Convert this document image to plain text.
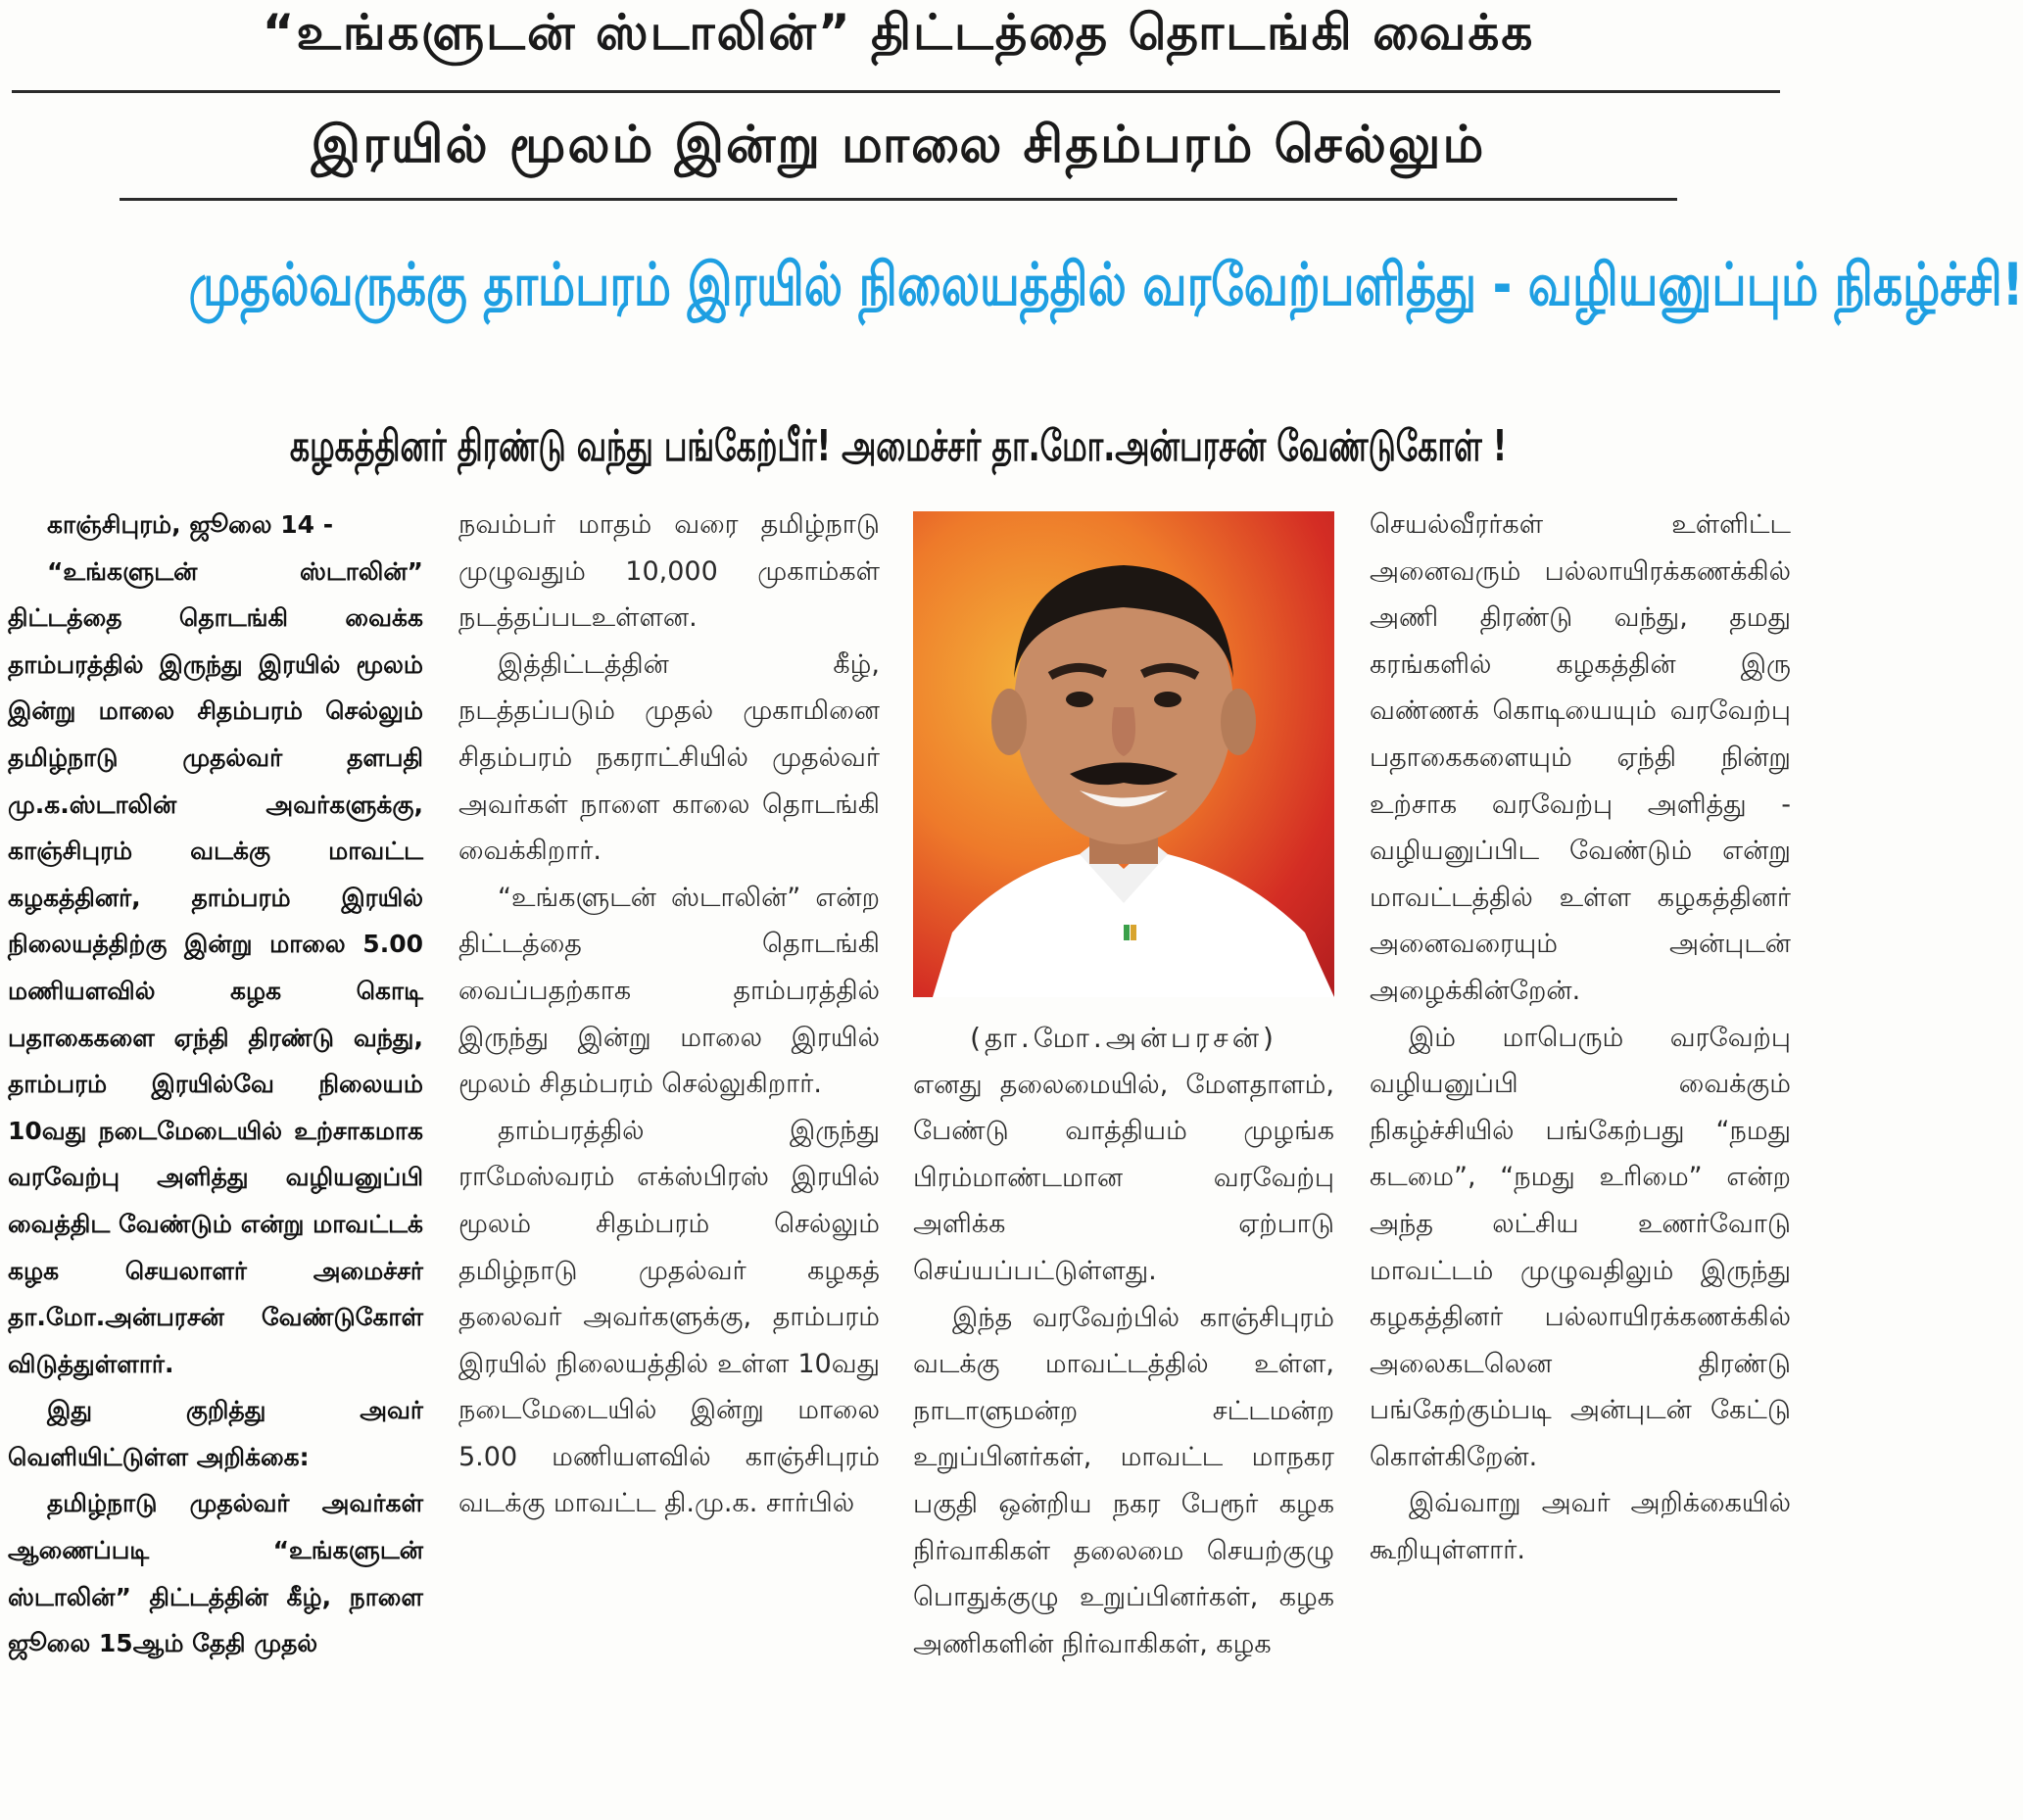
“உங்களுடன் ஸ்டாலின்” திட்டத்தை தொடங்கி வைக்க
இரயில் மூலம் இன்று மாலை சிதம்பரம் செல்லும்
முதல்வருக்கு தாம்பரம் இரயில் நிலையத்தில் வரவேற்பளித்து - வழியனுப்பும் நிகழ்ச்சி!
கழகத்தினர் திரண்டு வந்து பங்கேற்பீர்! அமைச்சர் தா.மோ.அன்பரசன் வேண்டுகோள் !

காஞ்சிபுரம், ஜூலை 14 -

“உங்களுடன் ஸ்டாலின்” திட்டத்தை தொடங்கி வைக்க தாம்பரத்தில் இருந்து இரயில் மூலம் இன்று மாலை சிதம்பரம் செல்லும் தமிழ்நாடு முதல்வர் தளபதி மு.க.ஸ்டாலின் அவர்களுக்கு, காஞ்சிபுரம் வடக்கு மாவட்ட கழகத்தினர், தாம்பரம் இரயில் நிலையத்திற்கு இன்று மாலை 5.00 மணியளவில் கழக கொடி பதாகைகளை ஏந்தி திரண்டு வந்து, தாம்பரம் இரயில்வே நிலையம் 10வது நடைமேடையில் உற்சாகமாக வரவேற்பு அளித்து வழியனுப்பி வைத்திட வேண்டும் என்று மாவட்டக் கழக செயலாளர் அமைச்சர் தா.மோ.அன்பரசன் வேண்டுகோள் விடுத்துள்ளார்.

இது குறித்து அவர் வெளியிட்டுள்ள அறிக்கை:

தமிழ்நாடு முதல்வர் அவர்கள் ஆணைப்படி “உங்களுடன் ஸ்டாலின்” திட்டத்தின் கீழ், நாளை ஜூலை 15ஆம் தேதி முதல்

நவம்பர் மாதம் வரை தமிழ்நாடு முழுவதும் 10,000 முகாம்கள் நடத்தப்படஉள்ளன.

இத்திட்டத்தின் கீழ், நடத்தப்படும் முதல் முகாமினை சிதம்பரம் நகராட்சியில் முதல்வர் அவர்கள் நாளை காலை தொடங்கி வைக்கிறார்.

“உங்களுடன் ஸ்டாலின்” என்ற திட்டத்தை தொடங்கி வைப்பதற்காக தாம்பரத்தில் இருந்து இன்று மாலை இரயில் மூலம் சிதம்பரம் செல்லுகிறார்.

தாம்பரத்தில் இருந்து ராமேஸ்வரம் எக்ஸ்பிரஸ் இரயில் மூலம் சிதம்பரம் செல்லும் தமிழ்நாடு முதல்வர் கழகத் தலைவர் அவர்களுக்கு, தாம்பரம் இரயில் நிலையத்தில் உள்ள 10வது நடைமேடையில் இன்று மாலை 5.00 மணியளவில் காஞ்சிபுரம் வடக்கு மாவட்ட தி.மு.க. சார்பில்

(தா.மோ.அன்பரசன்)

எனது தலைமையில், மேளதாளம், பேண்டு வாத்தியம் முழங்க பிரம்மாண்டமான வரவேற்பு அளிக்க ஏற்பாடு செய்யப்பட்டுள்ளது.

இந்த வரவேற்பில் காஞ்சிபுரம் வடக்கு மாவட்டத்தில் உள்ள, நாடாளுமன்ற சட்டமன்ற உறுப்பினர்கள், மாவட்ட மாநகர பகுதி ஒன்றிய நகர பேரூர் கழக நிர்வாகிகள் தலைமை செயற்குழு பொதுக்குழு உறுப்பினர்கள், கழக அணிகளின் நிர்வாகிகள், கழக

செயல்வீரர்கள் உள்ளிட்ட அனைவரும் பல்லாயிரக்கணக்கில் அணி திரண்டு வந்து, தமது கரங்களில் கழகத்தின் இரு வண்ணக் கொடியையும் வரவேற்பு பதாகைகளையும் ஏந்தி நின்று உற்சாக வரவேற்பு அளித்து - வழியனுப்பிட வேண்டும் என்று மாவட்டத்தில் உள்ள கழகத்தினர் அனைவரையும் அன்புடன் அழைக்கின்றேன்.

இம் மாபெரும் வரவேற்பு வழியனுப்பி வைக்கும் நிகழ்ச்சியில் பங்கேற்பது “நமது கடமை”, “நமது உரிமை” என்ற அந்த லட்சிய உணர்வோடு மாவட்டம் முழுவதிலும் இருந்து கழகத்தினர் பல்லாயிரக்கணக்கில் அலைகடலென திரண்டு பங்கேற்கும்படி அன்புடன் கேட்டு கொள்கிறேன்.

இவ்வாறு அவர் அறிக்கையில் கூறியுள்ளார்.
